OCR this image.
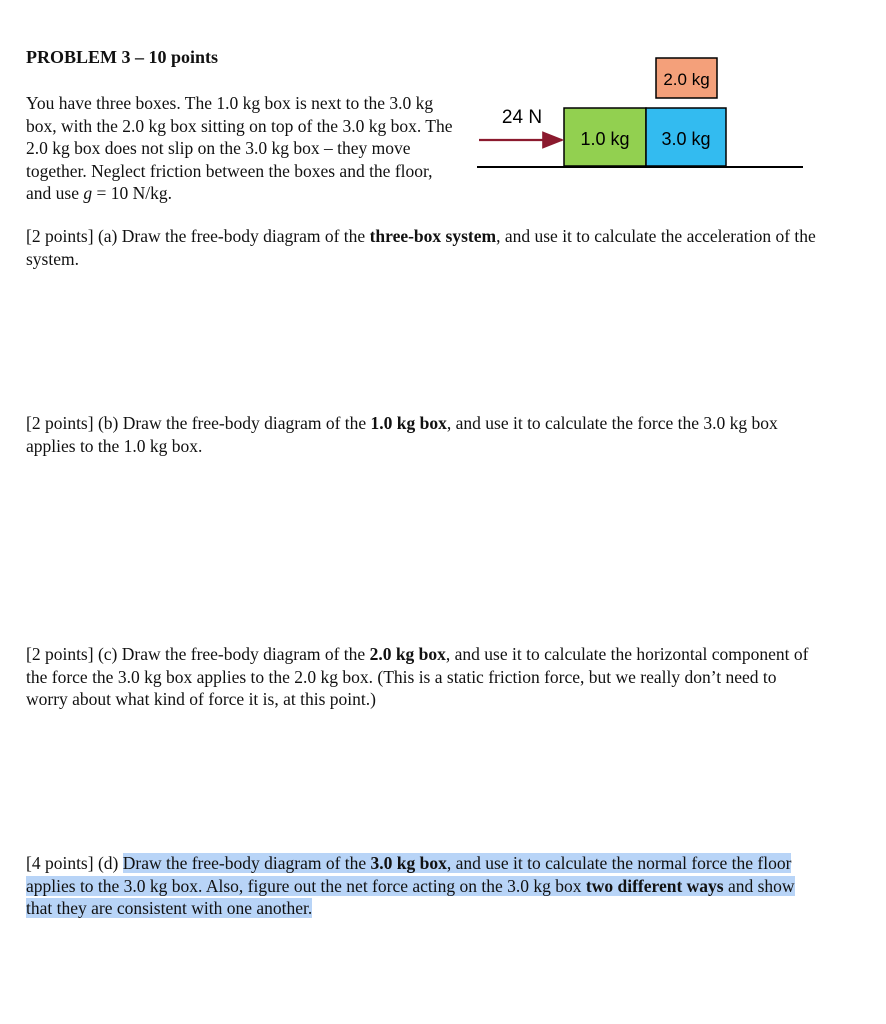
PROBLEM 3 – 10 points
You have three boxes. The 1.0 kg box is next to the 3.0 kg box, with the 2.0 kg box sitting on top of the 3.0 kg box. The 2.0 kg box does not slip on the 3.0 kg box – they move together. Neglect friction between the boxes and the floor, and use g = 10 N/kg.
2.0 kg
1.0 kg 3.0 kg
24 N
[2 points] (a) Draw the free-body diagram of the three-box system, and use it to calculate the acceleration of the system.
[2 points] (b) Draw the free-body diagram of the 1.0 kg box, and use it to calculate the force the 3.0 kg box applies to the 1.0 kg box.
[2 points] (c) Draw the free-body diagram of the 2.0 kg box, and use it to calculate the horizontal component of the force the 3.0 kg box applies to the 2.0 kg box. (This is a static friction force, but we really don’t need to worry about what kind of force it is, at this point.)
[4 points] (d) Draw the free-body diagram of the 3.0 kg box, and use it to calculate the normal force the floor applies to the 3.0 kg box. Also, figure out the net force acting on the 3.0 kg box two different ways and show that they are consistent with one another.
